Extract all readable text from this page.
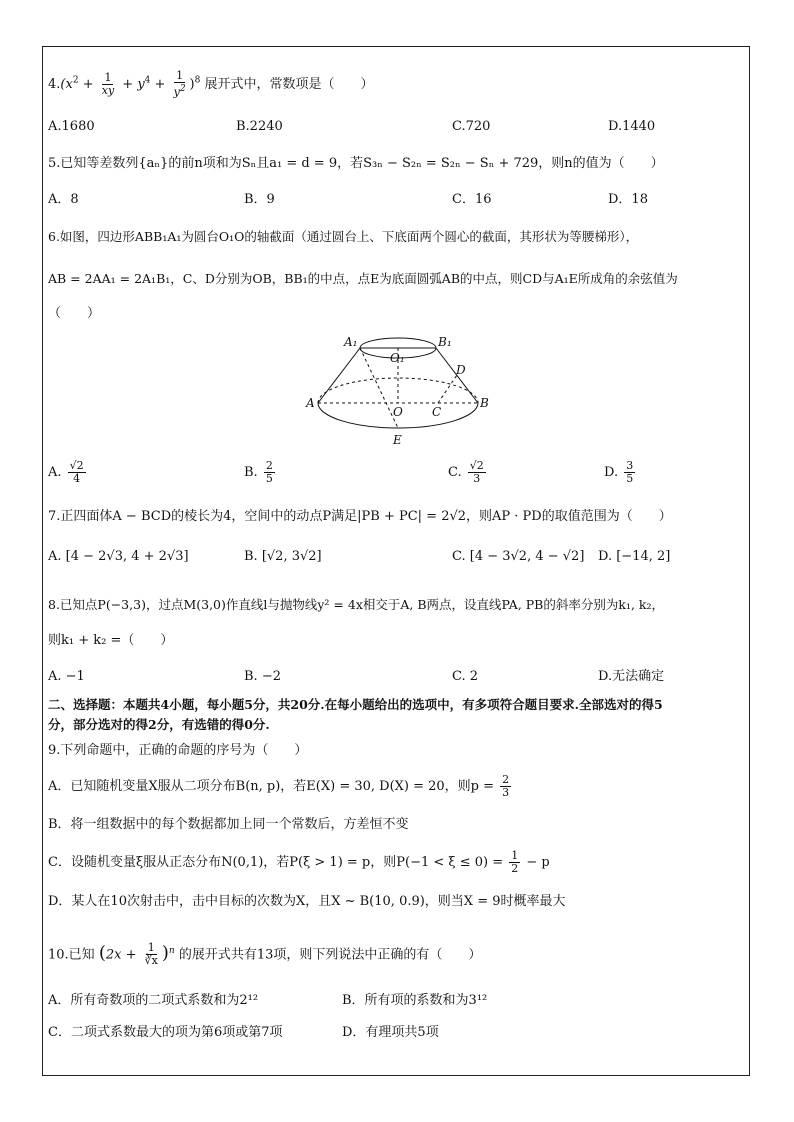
$4.(x^2 + \frac{1}{xy} + y^4 + \frac{1}{y^2} )^8$ 展开式中，常数项是（　　）
A.1680	B.2240	C.720	D.1440
5.已知等差数列{aₙ}的前n项和为Sₙ且a₁ = d = 9，若S₃ₙ − S₂ₙ = S₂ₙ − Sₙ + 729，则n的值为（　　）
A．8	B．9	C．16	D．18
6.如图，四边形ABB₁A₁为圆台O₁O的轴截面（通过圆台上、下底面两个圆心的截面，其形状为等腰梯形），
AB = 2AA₁ = 2A₁B₁，C、D分别为OB，BB₁的中点，点E为底面圆弧AB的中点，则CD与A₁E所成角的余弦值为
（　　）
A₁	B₁
O₁
D
A
O C
B
E
A. $\frac{√2}{4}$	B. $\frac{2}{5}$	C. $\frac{√2}{3}$	D. $\frac{3}{5}$
7.正四面体A − BCD的棱长为4，空间中的动点P满足|PB + PC| = 2√2，则AP · PD的取值范围为（　　）
A. [4 − 2√3, 4 + 2√3]	B. [√2, 3√2]	C. [4 − 3√2, 4 − √2] D. [−14, 2]
8.已知点P(−3,3)，过点M(3,0)作直线l与抛物线y² = 4x相交于A, B两点，设直线PA, PB的斜率分别为k₁, k₂，
则k₁ + k₂ =（　　）
A. −1	B. −2	C. 2	D.无法确定
二、选择题：本题共4小题，每小题5分，共20分.在每小题给出的选项中，有多项符合题目要求.全部选对的得5
分，部分选对的得2分，有选错的得0分.
9.下列命题中，正确的命题的序号为（　　）
A．已知随机变量X服从二项分布B(n, p)，若E(X) = 30, D(X) = 20，则$p = \frac{2}{3}$
B．将一组数据中的每个数据都加上同一个常数后，方差恒不变
C．设随机变量ξ服从正态分布N(0,1)，若P(ξ > 1) = p，则$P(-1 < \xi \le 0) = \frac{1}{2} - p$
D．某人在10次射击中，击中目标的次数为X，且X ~ B(10, 0.9)，则当X = 9时概率最大
10.已知 $(2x + \frac{1}{∛x} )^n$ 的展开式共有13项，则下列说法中正确的有（　　）
A．所有奇数项的二项式系数和为2¹²	B．所有项的系数和为3¹²
C．二项式系数最大的项为第6项或第7项	D．有理项共5项
